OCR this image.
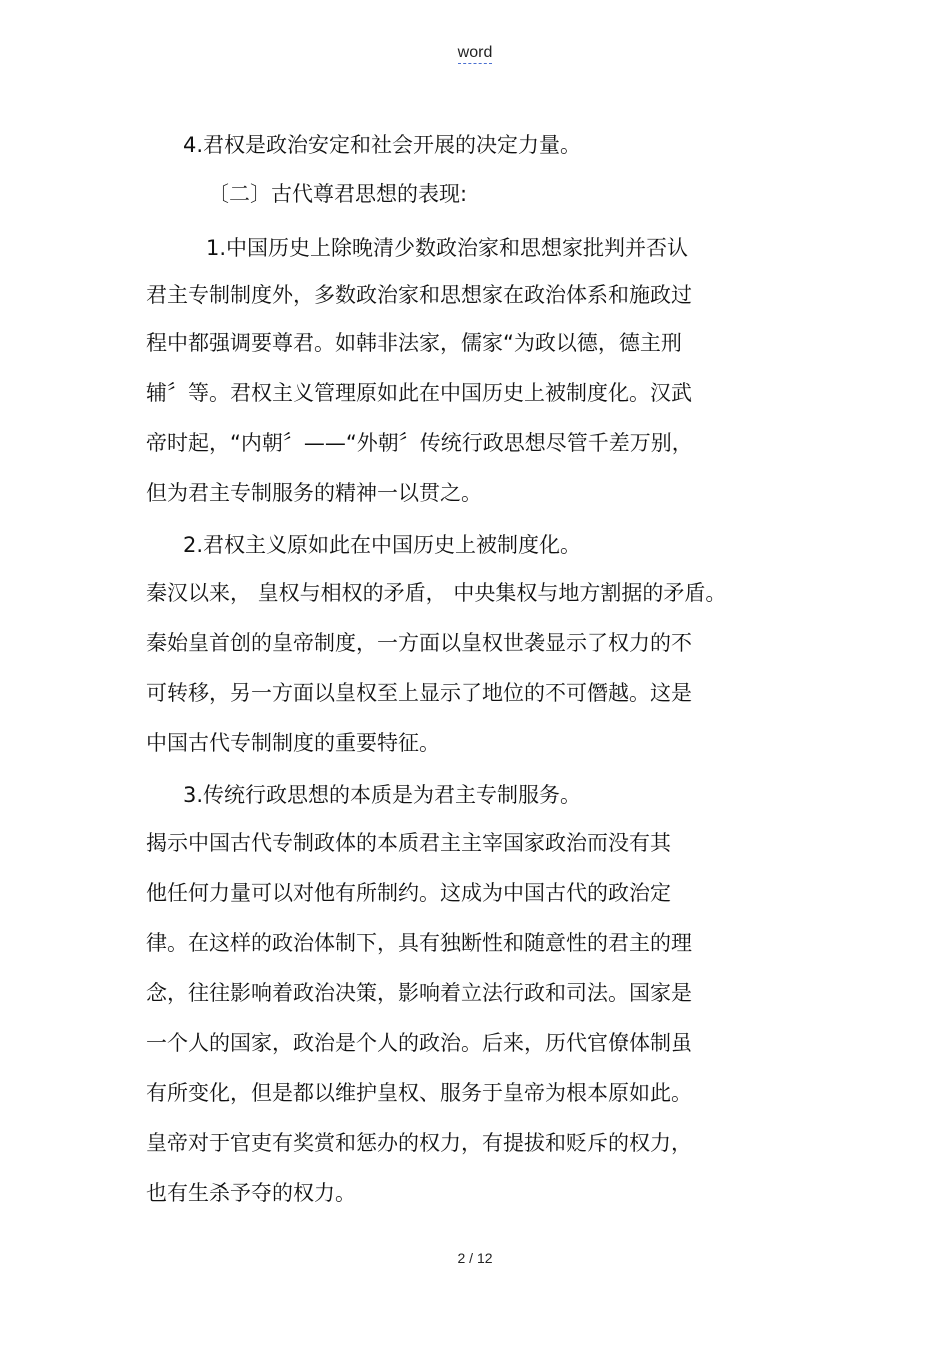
word
4.君权是政治安定和社会开展的决定力量。
〔二〕古代尊君思想的表现:
1.中国历史上除晚清少数政治家和思想家批判并否认
君主专制制度外，多数政治家和思想家在政治体系和施政过
程中都强调要尊君。如韩非法家，儒家“为政以德，德主刑
辅〞等。君权主义管理原如此在中国历史上被制度化。汉武
帝时起，“内朝〞——“外朝〞传统行政思想尽管千差万别，
但为君主专制服务的精神一以贯之。
2.君权主义原如此在中国历史上被制度化。
秦汉以来， 皇权与相权的矛盾， 中央集权与地方割据的矛盾。
秦始皇首创的皇帝制度，一方面以皇权世袭显示了权力的不
可转移，另一方面以皇权至上显示了地位的不可僭越。这是
中国古代专制制度的重要特征。
3.传统行政思想的本质是为君主专制服务。
揭示中国古代专制政体的本质君主主宰国家政治而没有其
他任何力量可以对他有所制约。这成为中国古代的政治定
律。在这样的政治体制下，具有独断性和随意性的君主的理
念，往往影响着政治决策，影响着立法行政和司法。国家是
一个人的国家，政治是个人的政治。后来，历代官僚体制虽
有所变化，但是都以维护皇权、服务于皇帝为根本原如此。
皇帝对于官吏有奖赏和惩办的权力，有提拔和贬斥的权力，
也有生杀予夺的权力。
2 / 12
